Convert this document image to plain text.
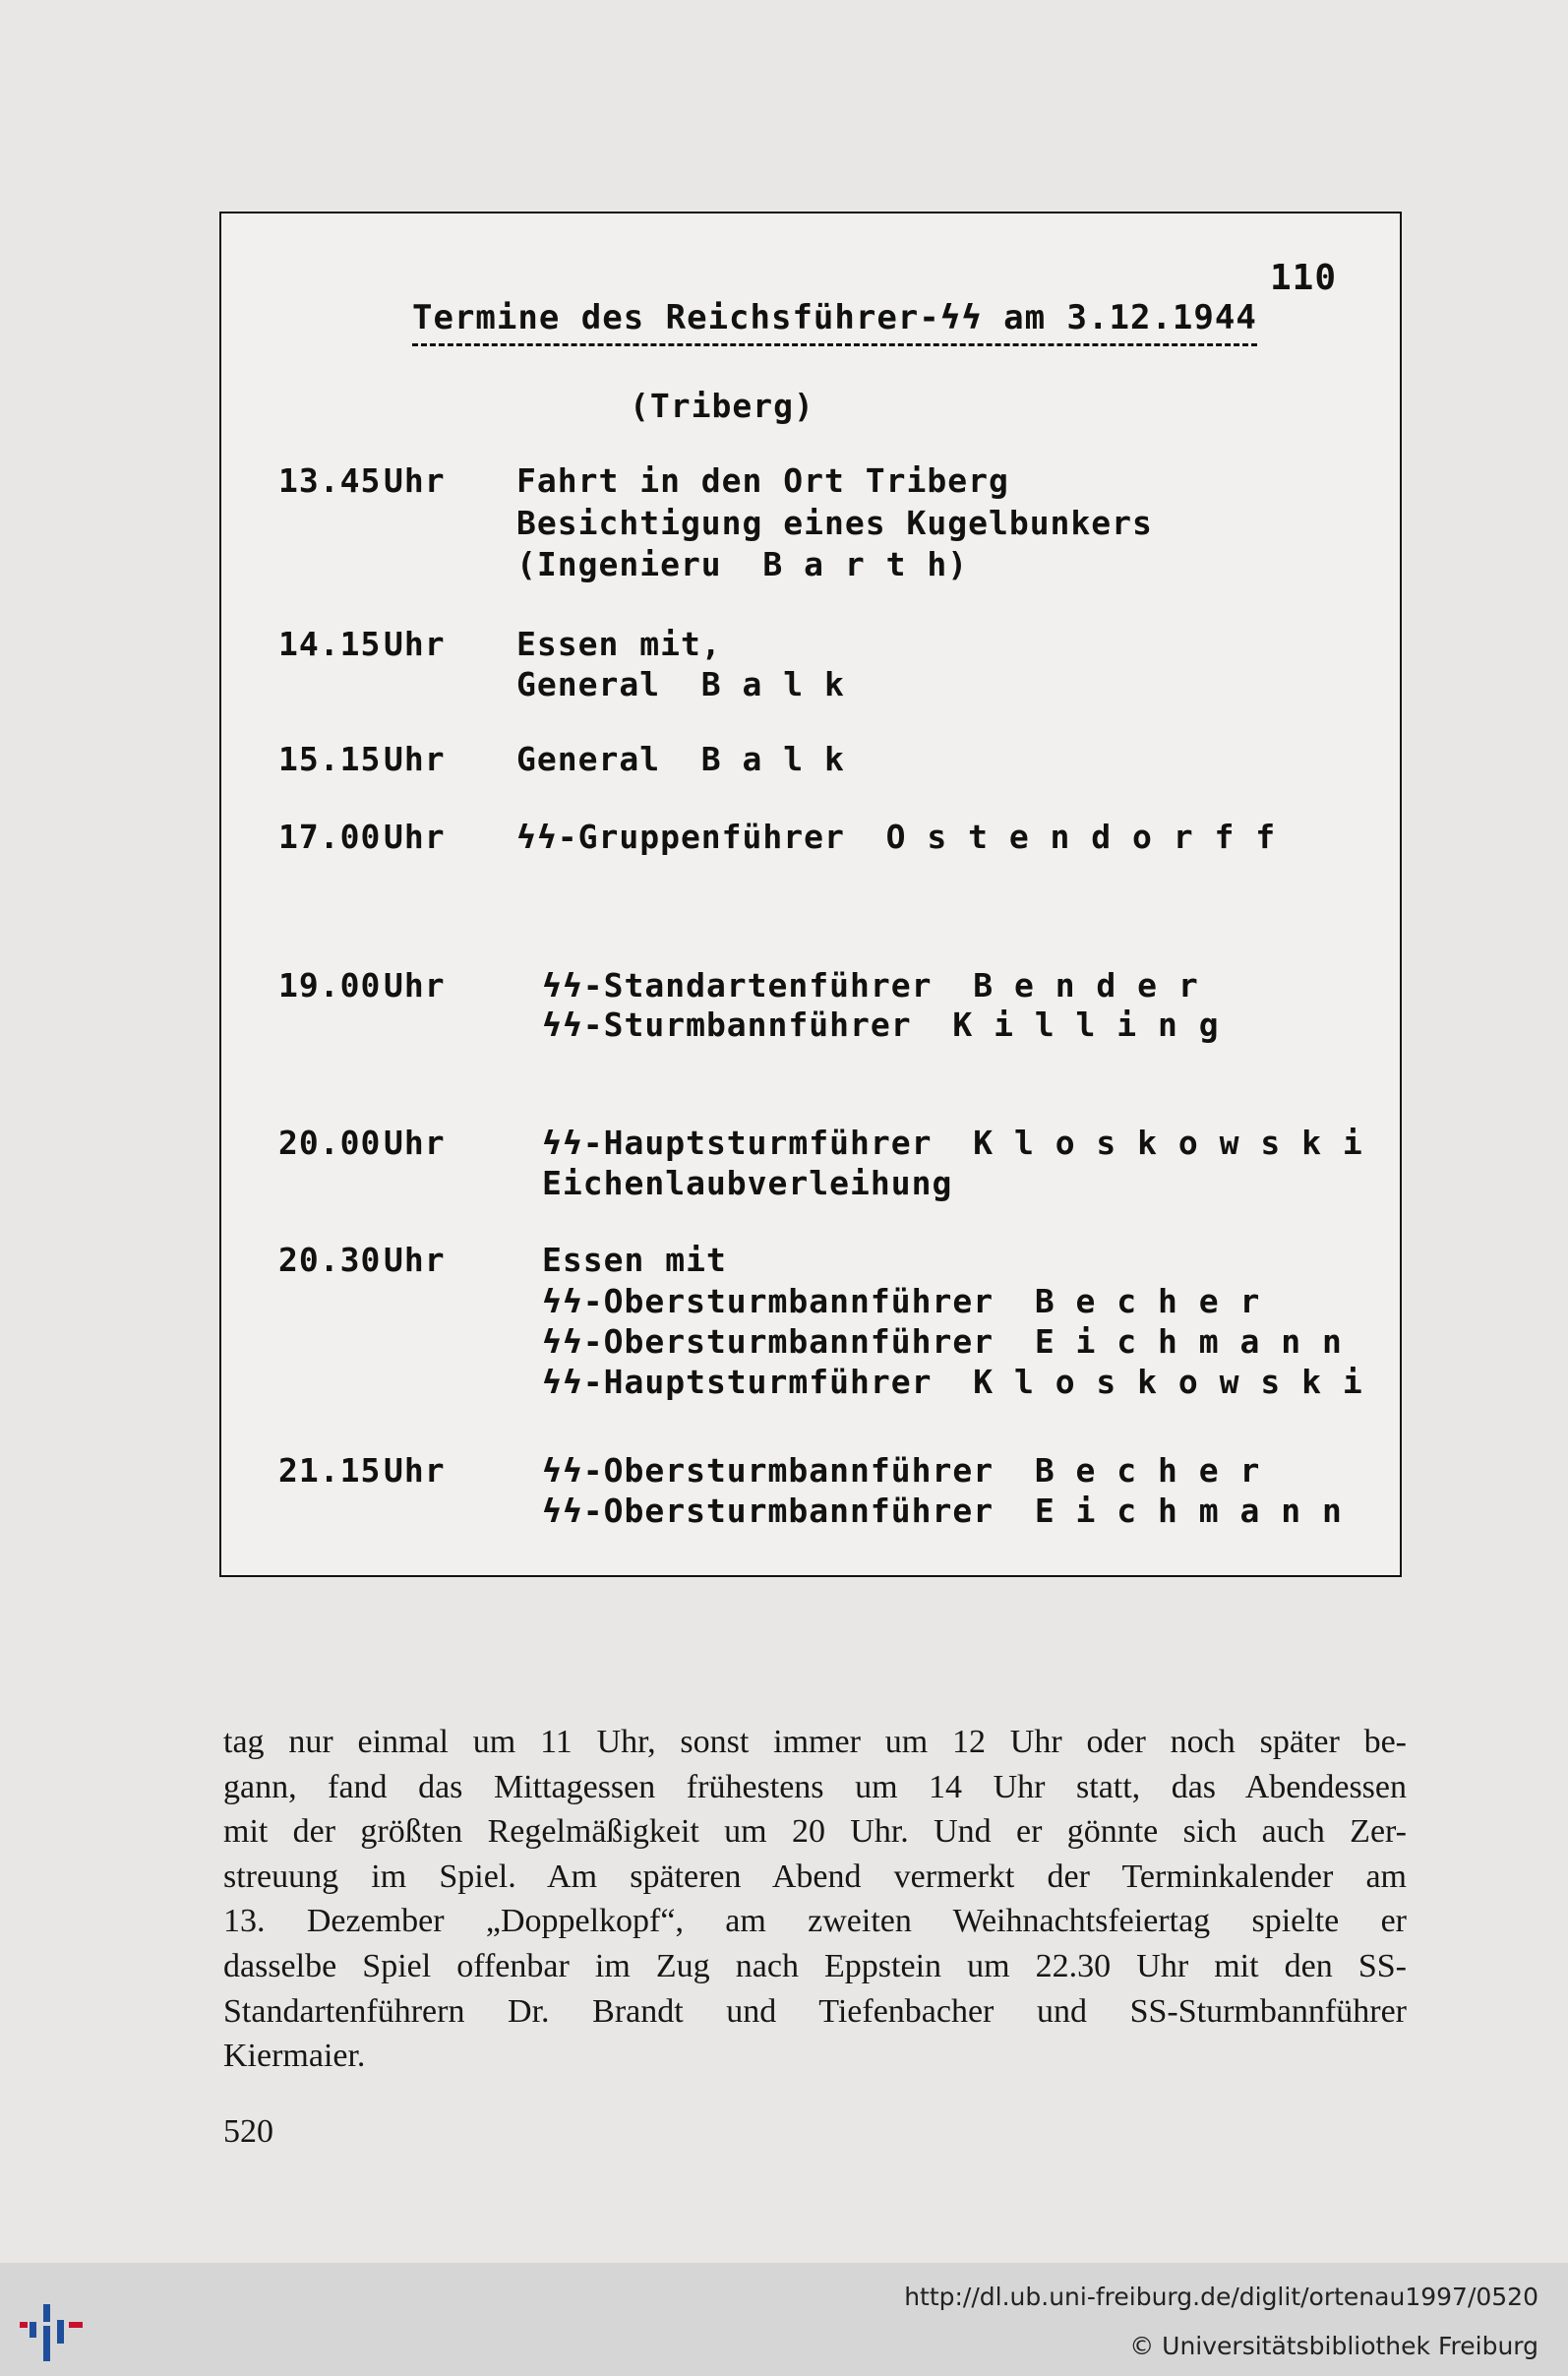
110
Termine des Reichsführer-ϟϟ am 3.12.1944
(Triberg)
13.45 Uhr Fahrt in den Ort Triberg
Besichtigung eines Kugelbunkers
(Ingenieru  B a r t h)
14.15 Uhr Essen mit,
General  B a l k
15.15 Uhr General  B a l k
17.00 Uhr ϟϟ-Gruppenführer  O s t e n d o r f f
19.00 Uhr	ϟϟ-Standartenführer  B e n d e r
ϟϟ-Sturmbannführer  K i l l i n g
20.00 Uhr	ϟϟ-Hauptsturmführer  K l o s k o w s k i
Eichenlaubverleihung
20.30 Uhr	Essen mit
ϟϟ-Obersturmbannführer  B e c h e r
ϟϟ-Obersturmbannführer  E i c h m a n n
ϟϟ-Hauptsturmführer  K l o s k o w s k i
21.15 Uhr	ϟϟ-Obersturmbannführer  B e c h e r
ϟϟ-Obersturmbannführer  E i c h m a n n
tag nur einmal um 11 Uhr, sonst immer um 12 Uhr oder noch später be-
gann, fand das Mittagessen frühestens um 14 Uhr statt, das Abendessen
mit der größten Regelmäßigkeit um 20 Uhr. Und er gönnte sich auch Zer-
streuung im Spiel. Am späteren Abend vermerkt der Terminkalender am
13. Dezember „Doppelkopf“, am zweiten Weihnachtsfeiertag spielte er
dasselbe Spiel offenbar im Zug nach Eppstein um 22.30 Uhr mit den SS-
Standartenführern Dr. Brandt und Tiefenbacher und SS-Sturmbannführer
Kiermaier.
520
http://dl.ub.uni-freiburg.de/diglit/ortenau1997/0520
© Universitätsbibliothek Freiburg
